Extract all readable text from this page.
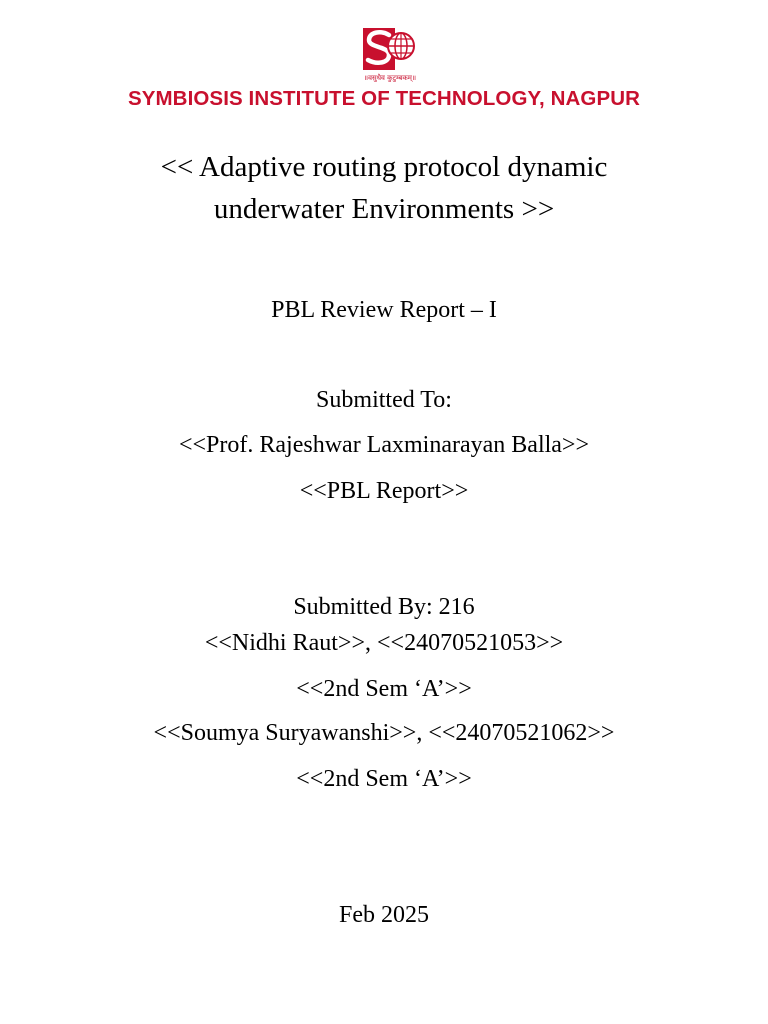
॥वसुधैव कुटुम्बकम्॥
SYMBIOSIS INSTITUTE OF TECHNOLOGY, NAGPUR
<< Adaptive routing protocol dynamic
underwater Environments >>
PBL Review Report – I
Submitted To:
<<Prof. Rajeshwar Laxminarayan Balla>>
<<PBL Report>>
Submitted By: 216
<<Nidhi Raut>>, <<24070521053>>
<<2nd Sem ‘A’>>
<<Soumya Suryawanshi>>, <<24070521062>>
<<2nd Sem ‘A’>>
Feb 2025
